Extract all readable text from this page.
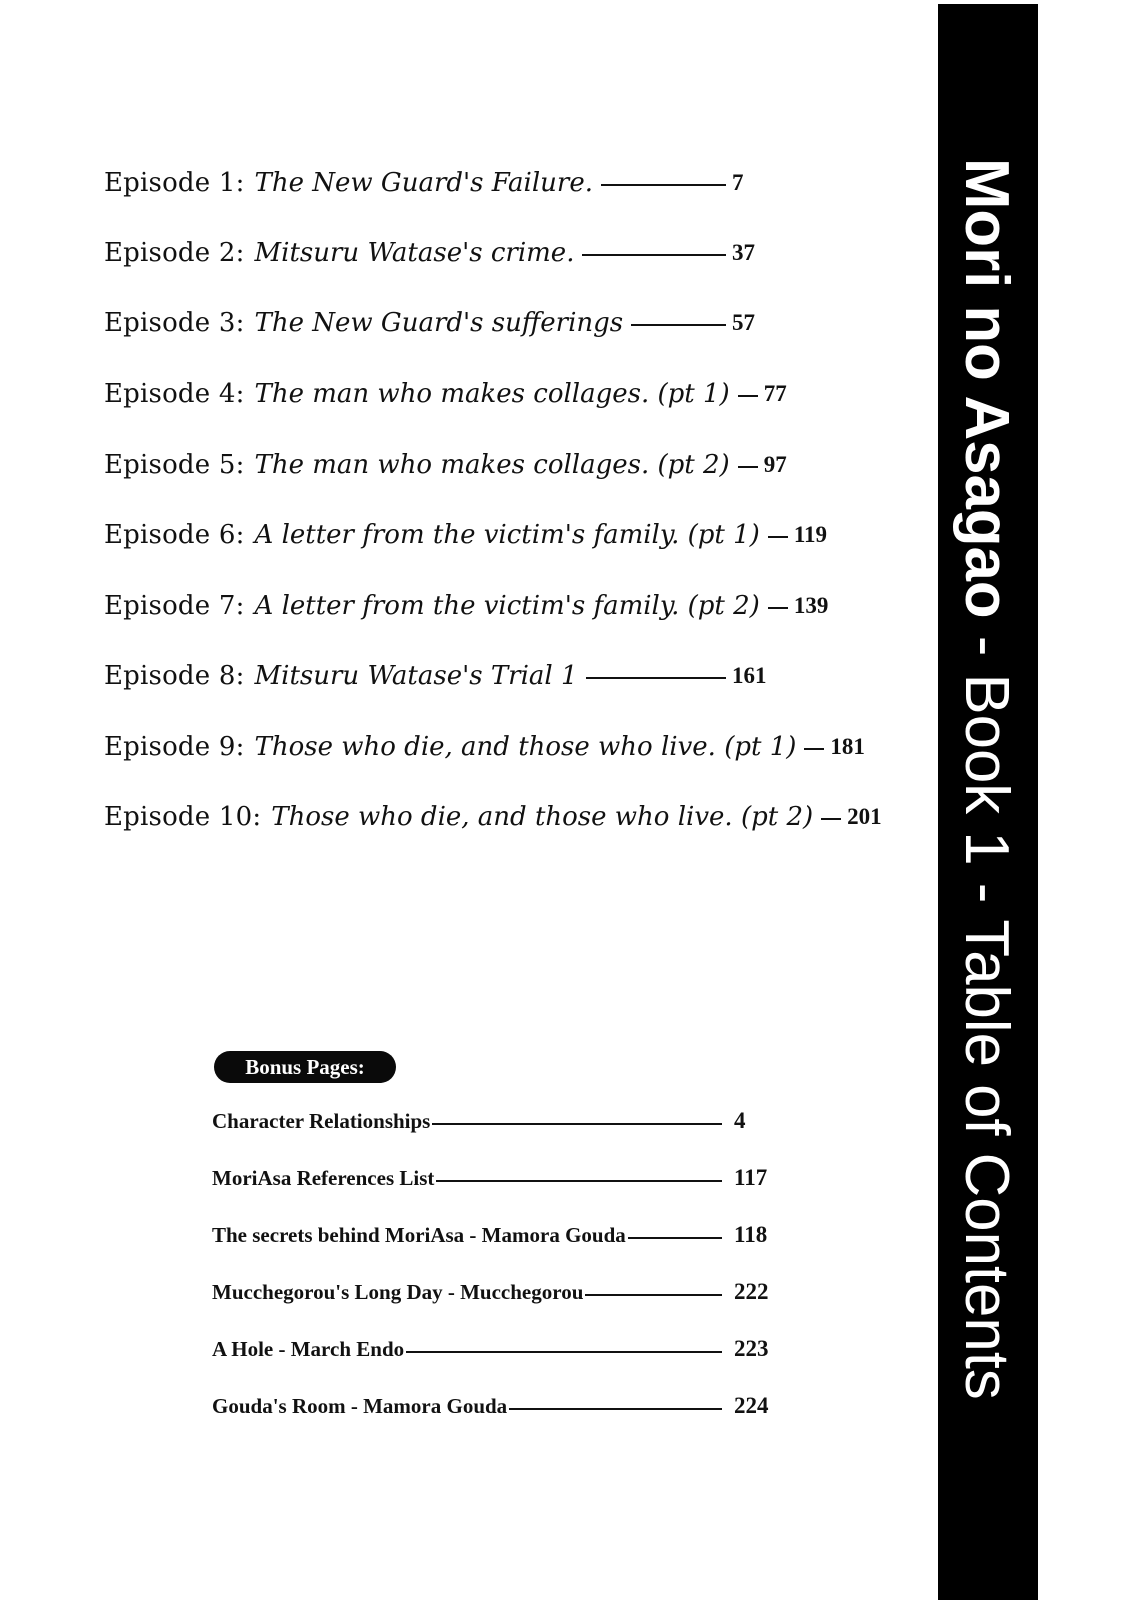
Episode 1: The New Guard's Failure.	7
Episode 2: Mitsuru Watase's crime.	37
Episode 3: The New Guard's sufferings	57
Episode 4: The man who makes collages. (pt 1) 77
Episode 5: The man who makes collages. (pt 2) 97
Episode 6: A letter from the victim's family. (pt 1) 119
Episode 7: A letter from the victim's family. (pt 2) 139
Episode 8: Mitsuru Watase's Trial 1	161
Episode 9: Those who die, and those who live. (pt 1) 181
Episode 10: Those who die, and those who live. (pt 2) 201
Bonus Pages:
Character Relationships	4
MoriAsa References List	117
The secrets behind MoriAsa - Mamora Gouda	118
Mucchegorou's Long Day - Mucchegorou	222
A Hole - March Endo	223
Gouda's Room - Mamora Gouda	224
Mori no Asagao - Book 1 - Table of Contents
